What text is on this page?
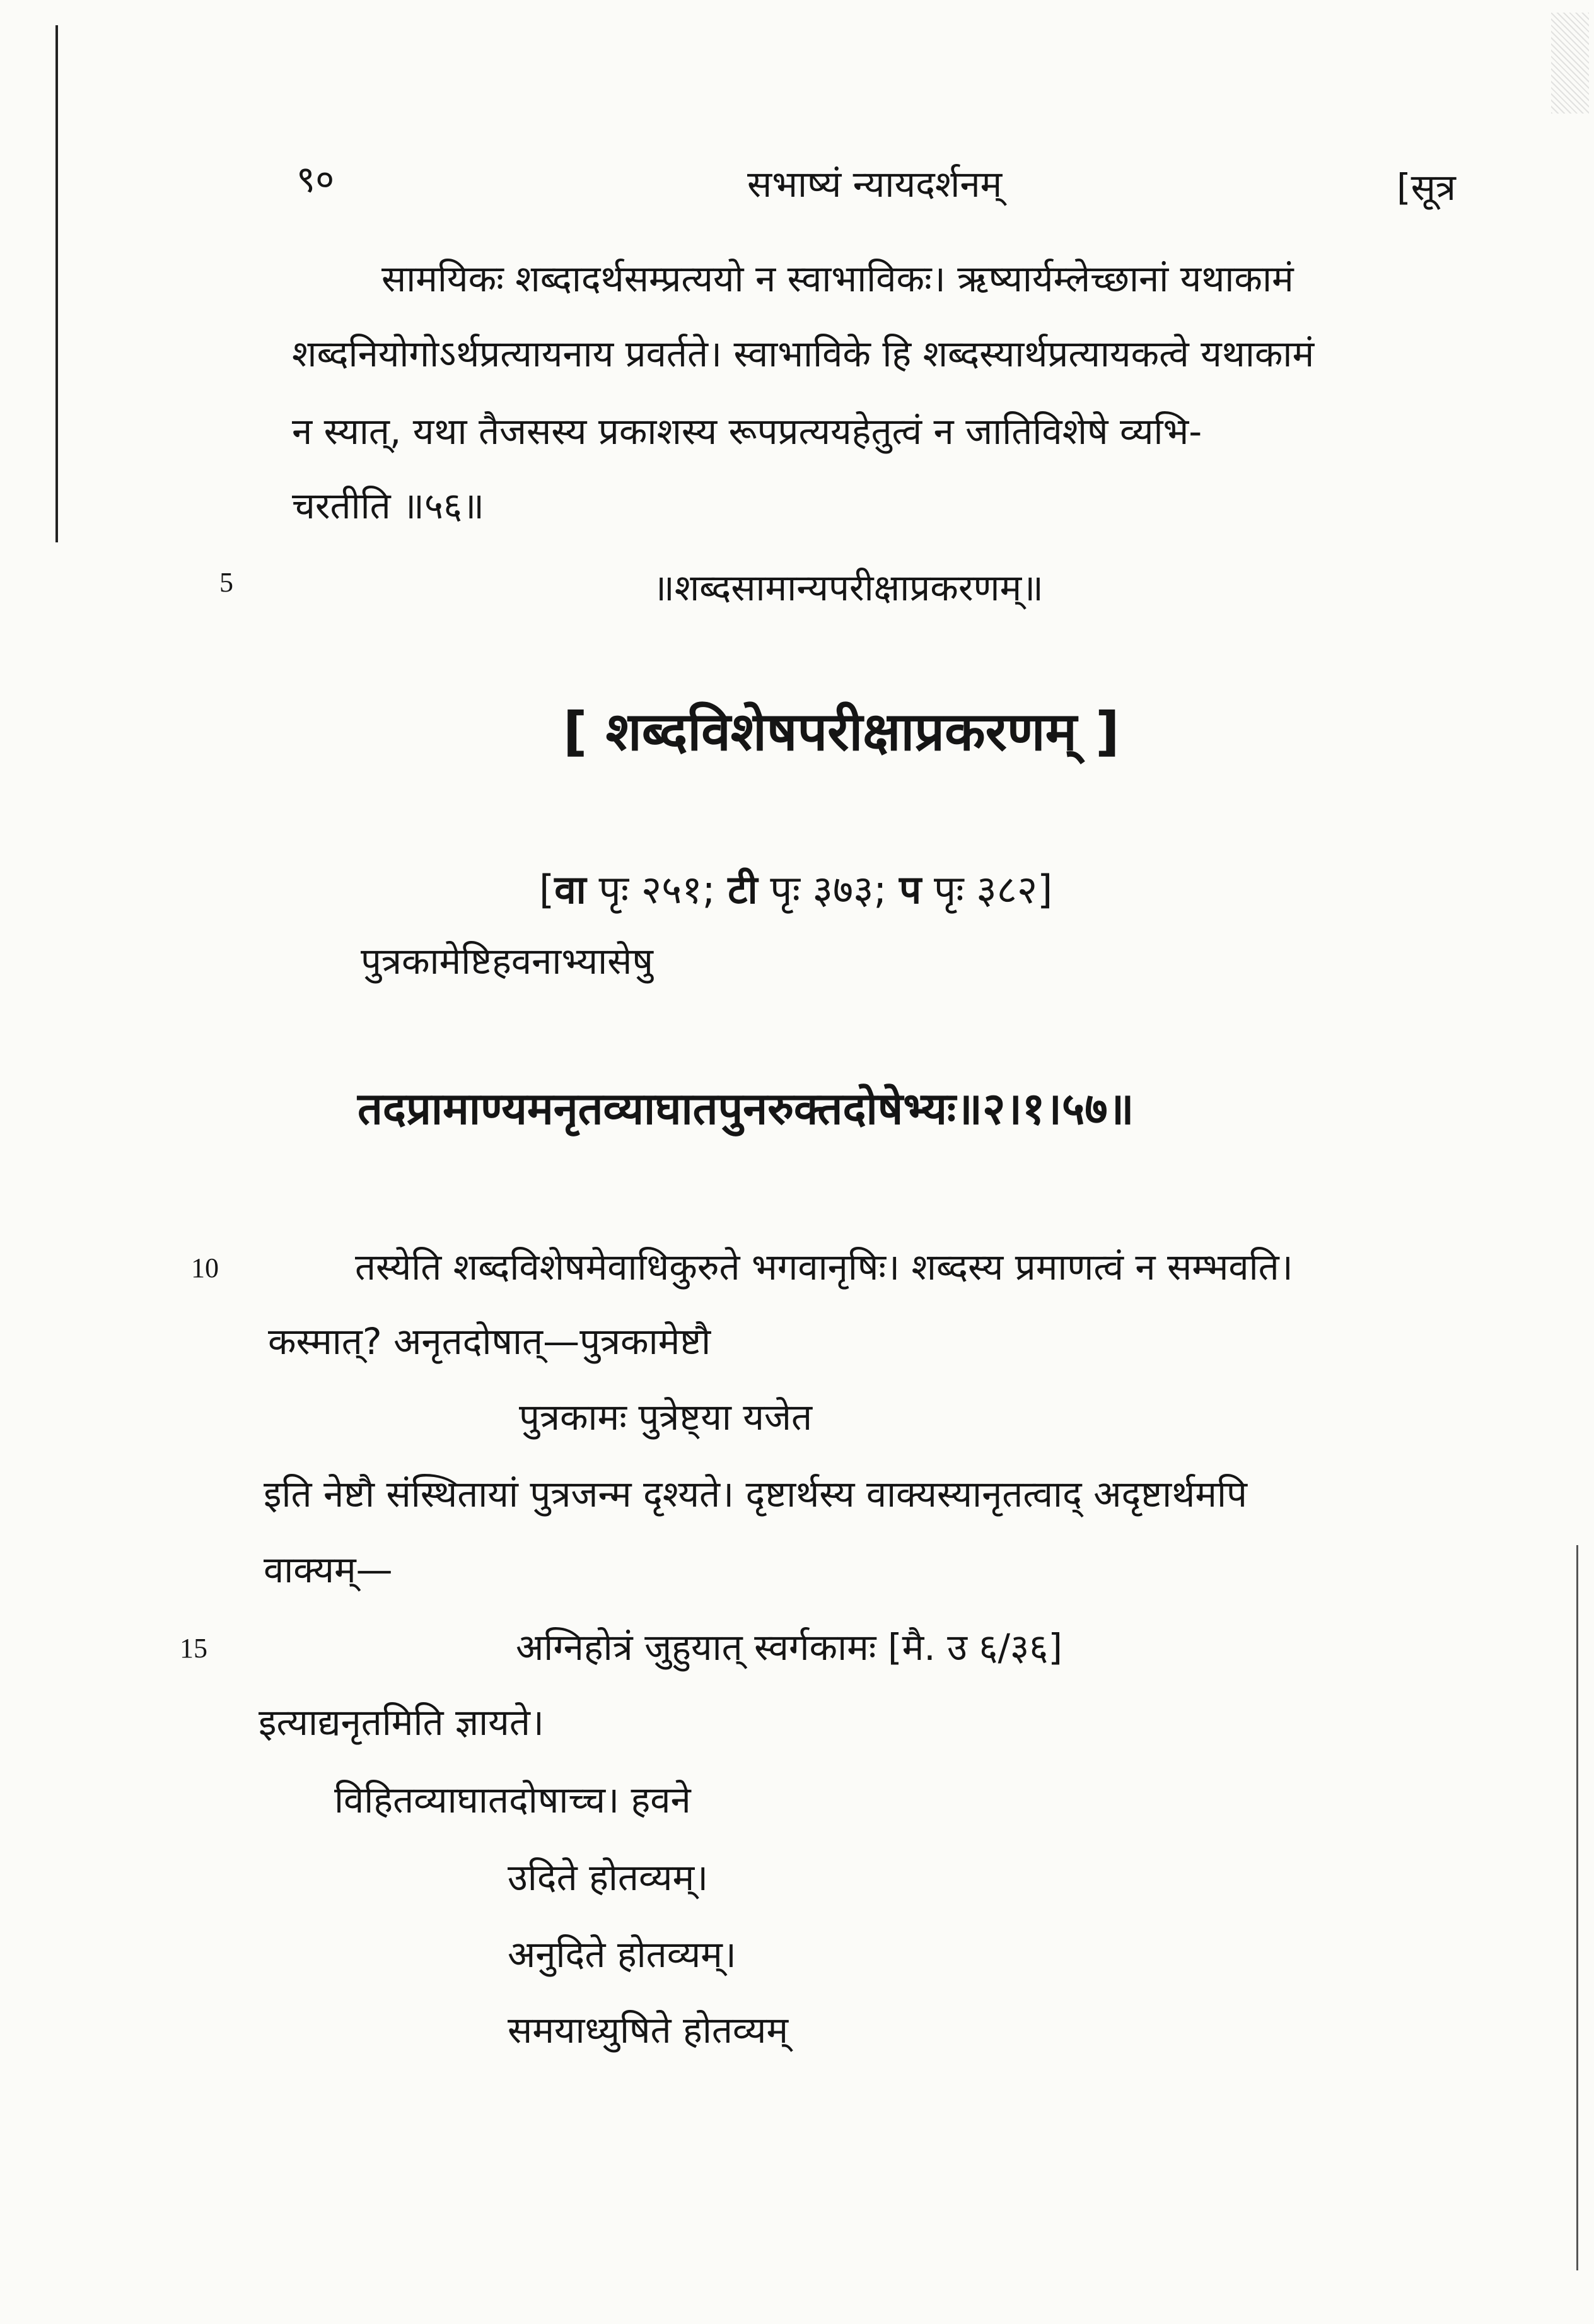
९०	सभाष्यं न्यायदर्शनम्	[सूत्र
सामयिकः शब्दादर्थसम्प्रत्ययो न स्वाभाविकः। ऋष्यार्यम्लेच्छानां यथाकामं
शब्दनियोगोऽर्थप्रत्यायनाय प्रवर्तते। स्वाभाविके हि शब्दस्यार्थप्रत्यायकत्वे यथाकामं
न स्यात्, यथा तैजसस्य प्रकाशस्य रूपप्रत्ययहेतुत्वं न जातिविशेषे व्यभि-
चरतीति ॥५६॥
5	॥शब्दसामान्यपरीक्षाप्रकरणम्॥
[ शब्दविशेषपरीक्षाप्रकरणम् ]
[वा पृः २५१; टी पृः ३७३; प पृः ३८२]
पुत्रकामेष्टिहवनाभ्यासेषु
तदप्रामाण्यमनृतव्याघातपुनरुक्तदोषेभ्यः॥२।१।५७॥
10	तस्येति शब्दविशेषमेवाधिकुरुते भगवानृषिः। शब्दस्य प्रमाणत्वं न सम्भवति।
कस्मात्? अनृतदोषात्—पुत्रकामेष्टौ
पुत्रकामः पुत्रेष्ट्या यजेत
इति नेष्टौ संस्थितायां पुत्रजन्म दृश्यते। दृष्टार्थस्य वाक्यस्यानृतत्वाद् अदृष्टार्थमपि
वाक्यम्—
15	अग्निहोत्रं जुहुयात् स्वर्गकामः [मै. उ ६/३६]
इत्याद्यनृतमिति ज्ञायते।
विहितव्याघातदोषाच्च। हवने
उदिते होतव्यम्।
अनुदिते होतव्यम्।
समयाध्युषिते होतव्यम्
